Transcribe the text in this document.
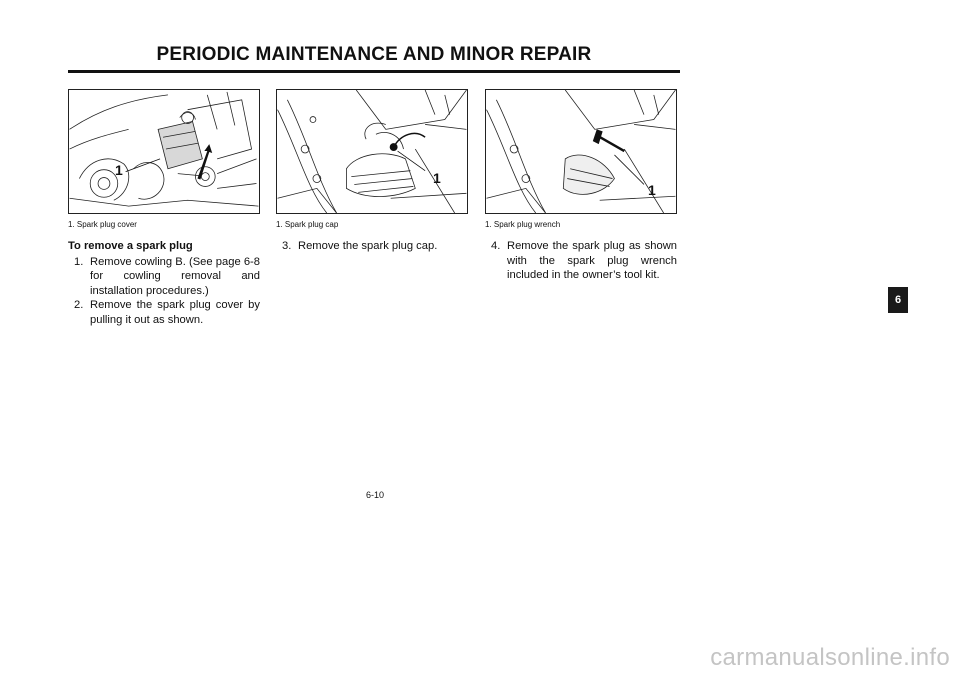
PERIODIC MAINTENANCE AND MINOR REPAIR
1
1. Spark plug cover
1
1. Spark plug cap
1
1. Spark plug wrench
To remove a spark plug
1. Remove cowling B. (See page 6-8 for cowling removal and installation procedures.)
2. Remove the spark plug cover by pulling it out as shown.
3. Remove the spark plug cap.	4. Remove the spark plug as shown with the spark plug wrench included in the owner’s tool kit.
6-10
6
carmanualsonline.info
